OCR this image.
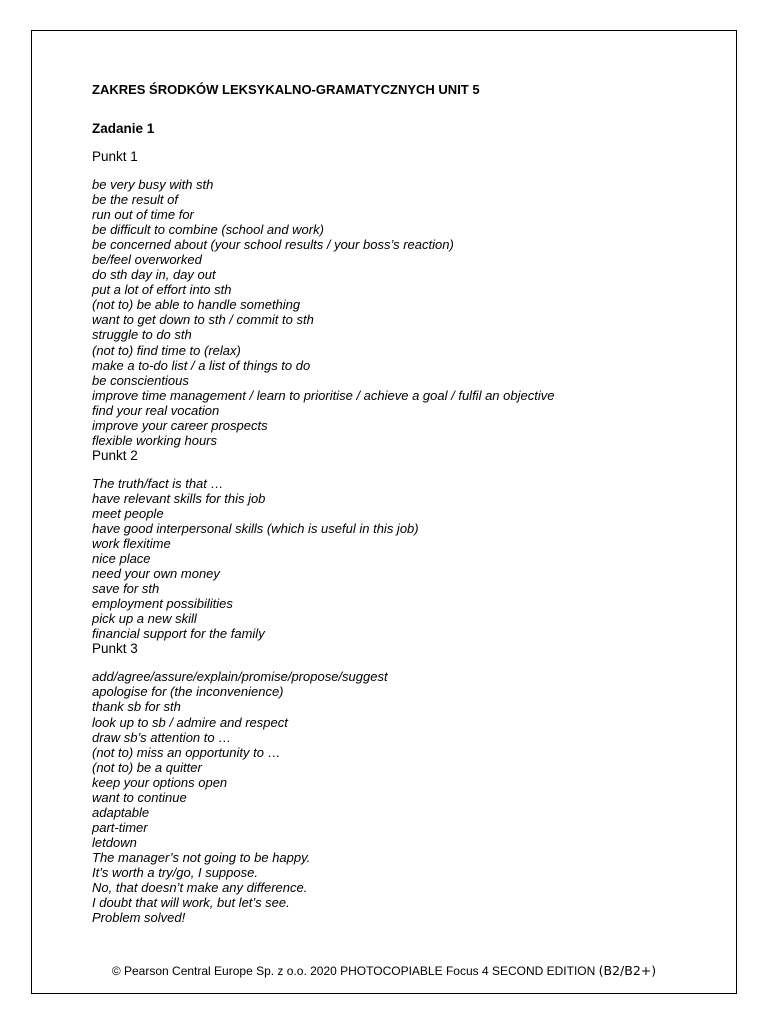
ZAKRES ŚRODKÓW LEKSYKALNO-GRAMATYCZNYCH UNIT 5
Zadanie 1
Punkt 1
be very busy with sth
be the result of
run out of time for
be difficult to combine (school and work)
be concerned about (your school results / your boss’s reaction)
be/feel overworked
do sth day in, day out
put a lot of effort into sth
(not to) be able to handle something
want to get down to sth / commit to sth
struggle to do sth
(not to) find time to (relax)
make a to-do list / a list of things to do
be conscientious
improve time management / learn to prioritise / achieve a goal / fulfil an objective
find your real vocation
improve your career prospects
flexible working hours
Punkt 2
The truth/fact is that …
have relevant skills for this job
meet people
have good interpersonal skills (which is useful in this job)
work flexitime
nice place
need your own money
save for sth
employment possibilities
pick up a new skill
financial support for the family
Punkt 3
add/agree/assure/explain/promise/propose/suggest
apologise for (the inconvenience)
thank sb for sth
look up to sb / admire and respect
draw sb’s attention to …
(not to) miss an opportunity to …
(not to) be a quitter
keep your options open
want to continue
adaptable
part-timer
letdown
The manager’s not going to be happy.
It’s worth a try/go, I suppose.
No, that doesn’t make any difference.
I doubt that will work, but let’s see.
Problem solved!
© Pearson Central Europe Sp. z o.o. 2020 PHOTOCOPIABLE Focus 4 SECOND EDITION (B2/B2+)
